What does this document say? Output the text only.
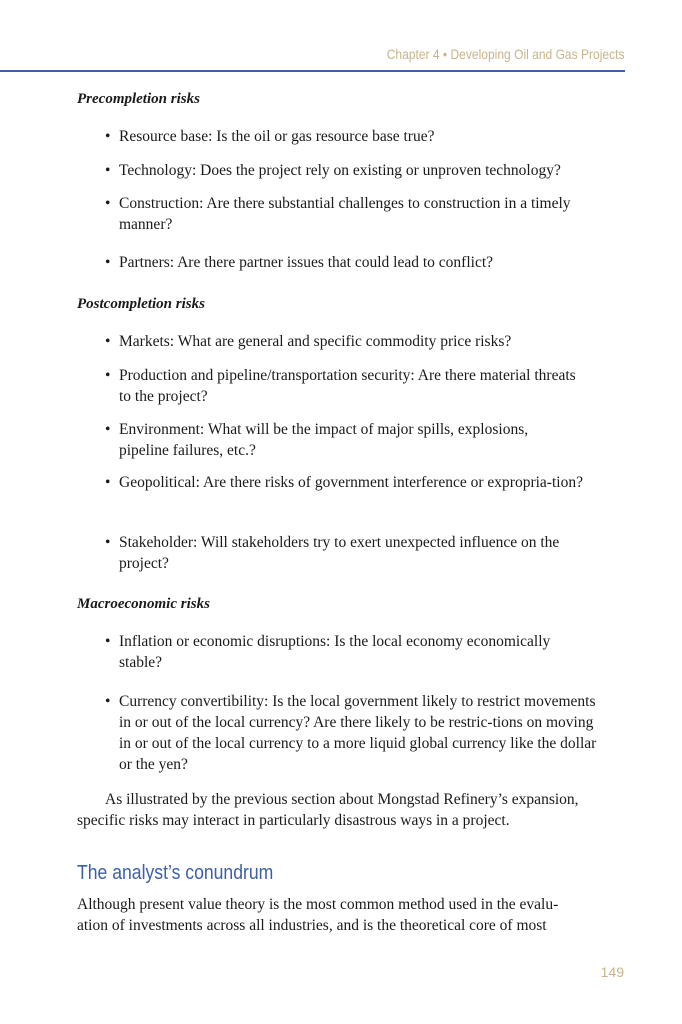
Chapter 4 • Developing Oil and Gas Projects
Precompletion risks
• Resource base: Is the oil or gas resource base true?
• Technology: Does the project rely on existing or unproven technology?
• Construction: Are there substantial challenges to construction in a timely manner?
• Partners: Are there partner issues that could lead to conflict?
Postcompletion risks
• Markets: What are general and specific commodity price risks?
• Production and pipeline/transportation security: Are there material threats to the project?
• Environment: What will be the impact of major spills, explosions, pipeline failures, etc.?
• Geopolitical: Are there risks of government interference or expropria-tion?
• Stakeholder: Will stakeholders try to exert unexpected influence on the project?
Macroeconomic risks
• Inflation or economic disruptions: Is the local economy economically stable?
• Currency convertibility: Is the local government likely to restrict movements in or out of the local currency? Are there likely to be restric-tions on moving in or out of the local currency to a more liquid global currency like the dollar or the yen?
As illustrated by the previous section about Mongstad Refinery’s expansion,
specific risks may interact in particularly disastrous ways in a project.
The analyst’s conundrum
Although present value theory is the most common method used in the evalu-
ation of investments across all industries, and is the theoretical core of most
149
